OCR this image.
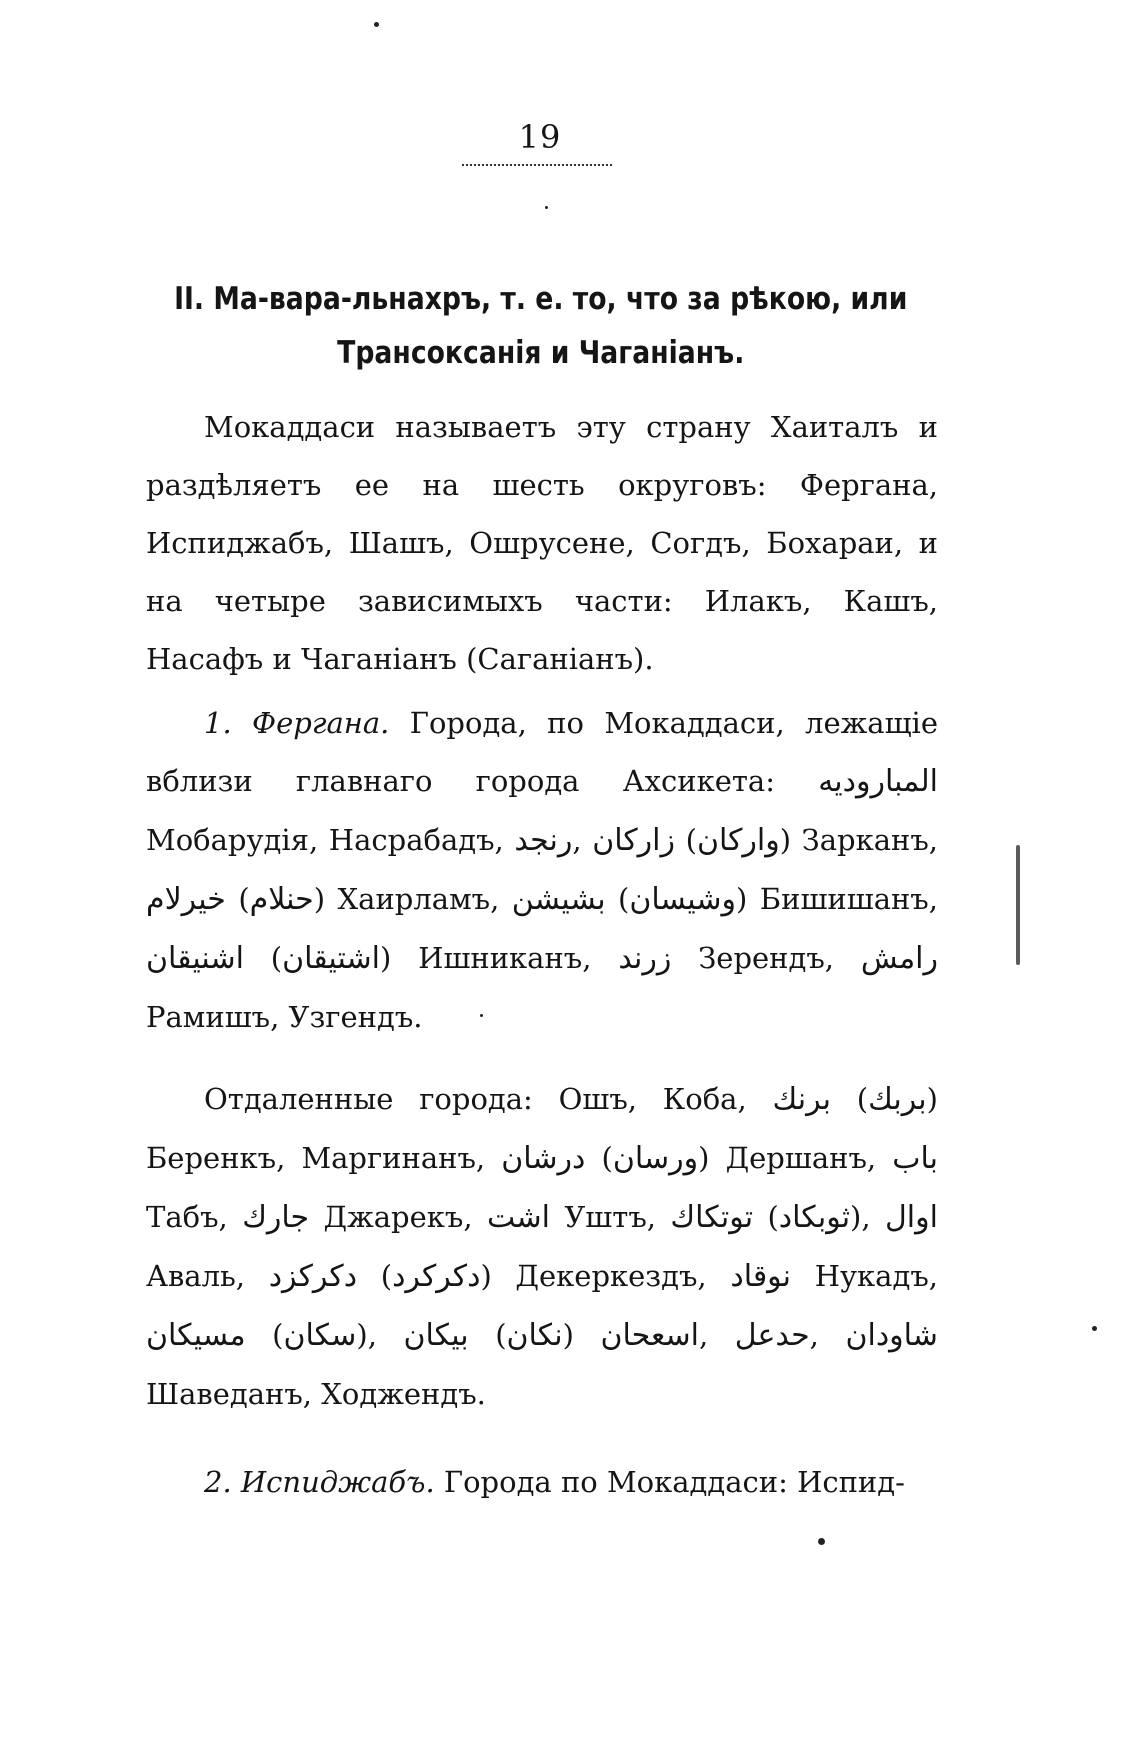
19
II. Ма-вара-льнахръ, т. е. то, что за рѣкою, или
Трансоксанія и Чаганіанъ.
Мокаддаси называетъ эту страну Хаиталъ и раздѣляетъ ее на шесть округовъ: Фергана, Испиджабъ, Шашъ, Ошрусене, Согдъ, Бохараи, и на четыре зависимыхъ части: Илакъ, Кашъ, Насафъ и Чаганіанъ (Саганіанъ).
1. Фергана. Города, по Мокаддаси, лежащіе вблизи главнаго города Ахсикета: المباروديه Мобарудія, Насрабадъ, رنجد, زاركان (واركان) Зарканъ, خيرلام (حنلام) Хаирламъ, بشيشن (وشيسان) Бишишанъ, اشنيقان (اشتيقان) Ишниканъ, زرند Зерендъ, رامش Рамишъ, Узгендъ.
Отдаленные города: Ошъ, Коба, برنك (بربك) Беренкъ, Маргинанъ, درشان (ورسان) Дершанъ, باب Табъ, جارك Джарекъ, اشت Уштъ, توتكاك (ثوبكاد), اوال Аваль, دكركزد (دكركرد) Декеркездъ, نوقاد Нукадъ, مسيكان (سكان), بيكان (نكان) اسعحان, حدعل, شاودان Шаведанъ, Ходжендъ.
2. Испиджабъ. Города по Мокаддаси: Испид-
